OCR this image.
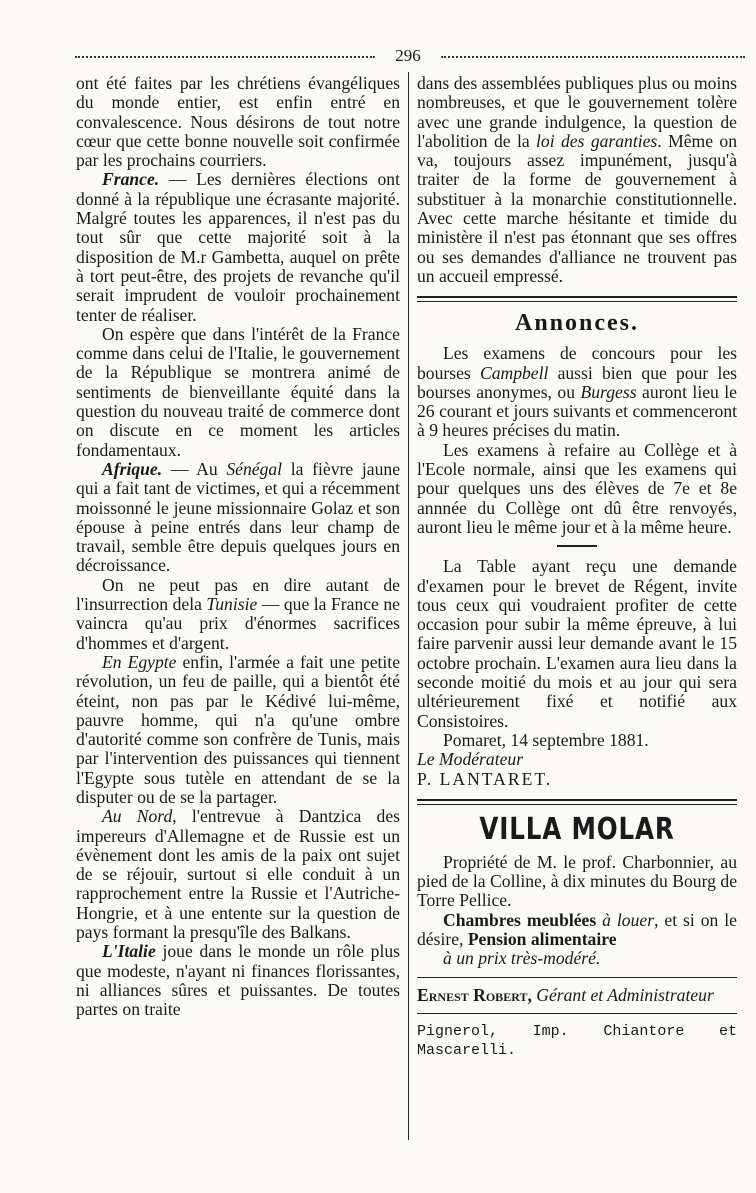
296

ont été faites par les chrétiens évangéliques du monde entier, est enfin entré en convalescence. Nous désirons de tout notre cœur que cette bonne nouvelle soit confirmée par les prochains courriers.

France. — Les dernières élections ont donné à la république une écrasante majorité. Malgré toutes les apparences, il n'est pas du tout sûr que cette majorité soit à la disposition de M.r Gambetta, auquel on prête à tort peut-être, des projets de revanche qu'il serait imprudent de vouloir prochainement tenter de réaliser.

On espère que dans l'intérêt de la France comme dans celui de l'Italie, le gouvernement de la République se montrera animé de sentiments de bienveillante équité dans la question du nouveau traité de commerce dont on discute en ce moment les articles fondamentaux.

Afrique. — Au Sénégal la fièvre jaune qui a fait tant de victimes, et qui a récemment moissonné le jeune missionnaire Golaz et son épouse à peine entrés dans leur champ de travail, semble être depuis quelques jours en décroissance.

On ne peut pas en dire autant de l'insurrection dela Tunisie — que la France ne vaincra qu'au prix d'énormes sacrifices d'hommes et d'argent.

En Egypte enfin, l'armée a fait une petite révolution, un feu de paille, qui a bientôt été éteint, non pas par le Kédivé lui-même, pauvre homme, qui n'a qu'une ombre d'autorité comme son confrère de Tunis, mais par l'intervention des puissances qui tiennent l'Egypte sous tutèle en attendant de se la disputer ou de se la partager.

Au Nord, l'entrevue à Dantzica des impereurs d'Allemagne et de Russie est un évènement dont les amis de la paix ont sujet de se réjouir, surtout si elle conduit à un rapprochement entre la Russie et l'Autriche-Hongrie, et à une entente sur la question de pays formant la presqu'île des Balkans.

L'Italie joue dans le monde un rôle plus que modeste, n'ayant ni finances florissantes, ni alliances sûres et puissantes. De toutes partes on traite

dans des assemblées publiques plus ou moins nombreuses, et que le gouvernement tolère avec une grande indulgence, la question de l'abolition de la loi des garanties. Même on va, toujours assez impunément, jusqu'à traiter de la forme de gouvernement à substituer à la monarchie constitutionnelle. Avec cette marche hésitante et timide du ministère il n'est pas étonnant que ses offres ou ses demandes d'alliance ne trouvent pas un accueil empressé.

Annonces.

Les examens de concours pour les bourses Campbell aussi bien que pour les bourses anonymes, ou Burgess auront lieu le 26 courant et jours suivants et commenceront à 9 heures précises du matin.

Les examens à refaire au Collège et à l'Ecole normale, ainsi que les examens qui pour quelques uns des élèves de 7e et 8e annnée du Collège ont dû être renvoyés, auront lieu le même jour et à la même heure.

La Table ayant reçu une demande d'examen pour le brevet de Régent, invite tous ceux qui voudraient profiter de cette occasion pour subir la même épreuve, à lui faire parvenir aussi leur demande avant le 15 octobre prochain. L'examen aura lieu dans la seconde moitié du mois et au jour qui sera ultérieurement fixé et notifié aux Consistoires.

Pomaret, 14 septembre 1881.

Le Modérateur

P. LANTARET.

VILLA MOLAR

Propriété de M. le prof. Charbonnier, au pied de la Colline, à dix minutes du Bourg de Torre Pellice.

Chambres meublées à louer, et si on le désire, Pension alimentaire

à un prix très-modéré.

Ernest Robert, Gérant et Administrateur

Pignerol, Imp. Chiantore et Mascarelli.
